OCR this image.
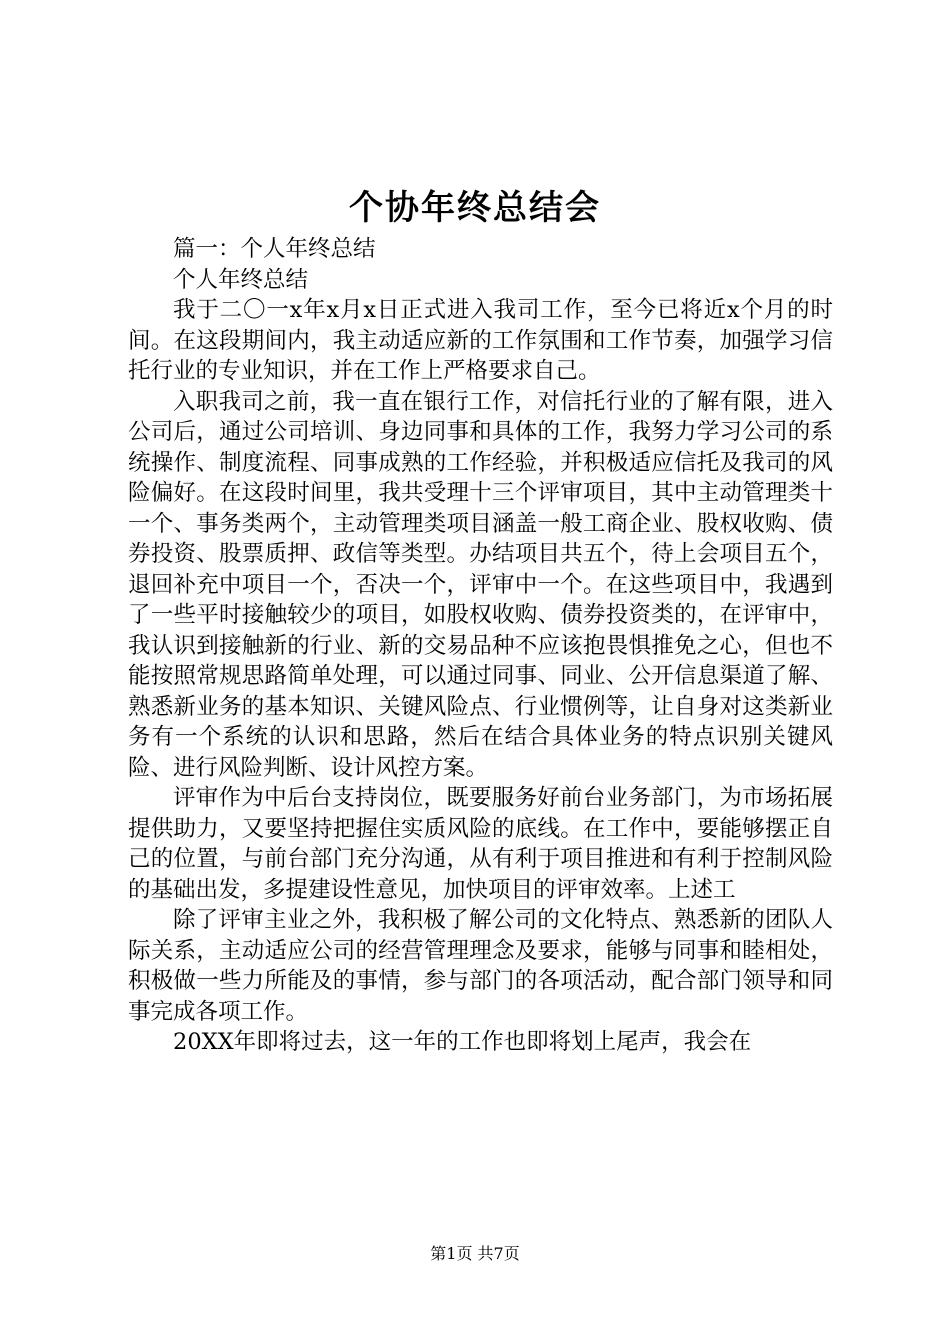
个协年终总结会

篇一：个人年终总结

个人年终总结

我于二〇一x年x月x日正式进入我司工作，至今已将近x个月的时间。在这段期间内，我主动适应新的工作氛围和工作节奏，加强学习信托行业的专业知识，并在工作上严格要求自己。

入职我司之前，我一直在银行工作，对信托行业的了解有限，进入公司后，通过公司培训、身边同事和具体的工作，我努力学习公司的系统操作、制度流程、同事成熟的工作经验，并积极适应信托及我司的风险偏好。在这段时间里，我共受理十三个评审项目，其中主动管理类十一个、事务类两个，主动管理类项目涵盖一般工商企业、股权收购、债券投资、股票质押、政信等类型。办结项目共五个，待上会项目五个，退回补充中项目一个，否决一个，评审中一个。在这些项目中，我遇到了一些平时接触较少的项目，如股权收购、债券投资类的，在评审中，我认识到接触新的行业、新的交易品种不应该抱畏惧推免之心，但也不能按照常规思路简单处理，可以通过同事、同业、公开信息渠道了解、熟悉新业务的基本知识、关键风险点、行业惯例等，让自身对这类新业务有一个系统的认识和思路，然后在结合具体业务的特点识别关键风险、进行风险判断、设计风控方案。

评审作为中后台支持岗位，既要服务好前台业务部门，为市场拓展提供助力，又要坚持把握住实质风险的底线。在工作中，要能够摆正自己的位置，与前台部门充分沟通，从有利于项目推进和有利于控制风险的基础出发，多提建设性意见，加快项目的评审效率。上述工

除了评审主业之外，我积极了解公司的文化特点、熟悉新的团队人际关系，主动适应公司的经营管理理念及要求，能够与同事和睦相处，积极做一些力所能及的事情，参与部门的各项活动，配合部门领导和同事完成各项工作。

20XX年即将过去，这一年的工作也即将划上尾声，我会在

第1页 共7页
